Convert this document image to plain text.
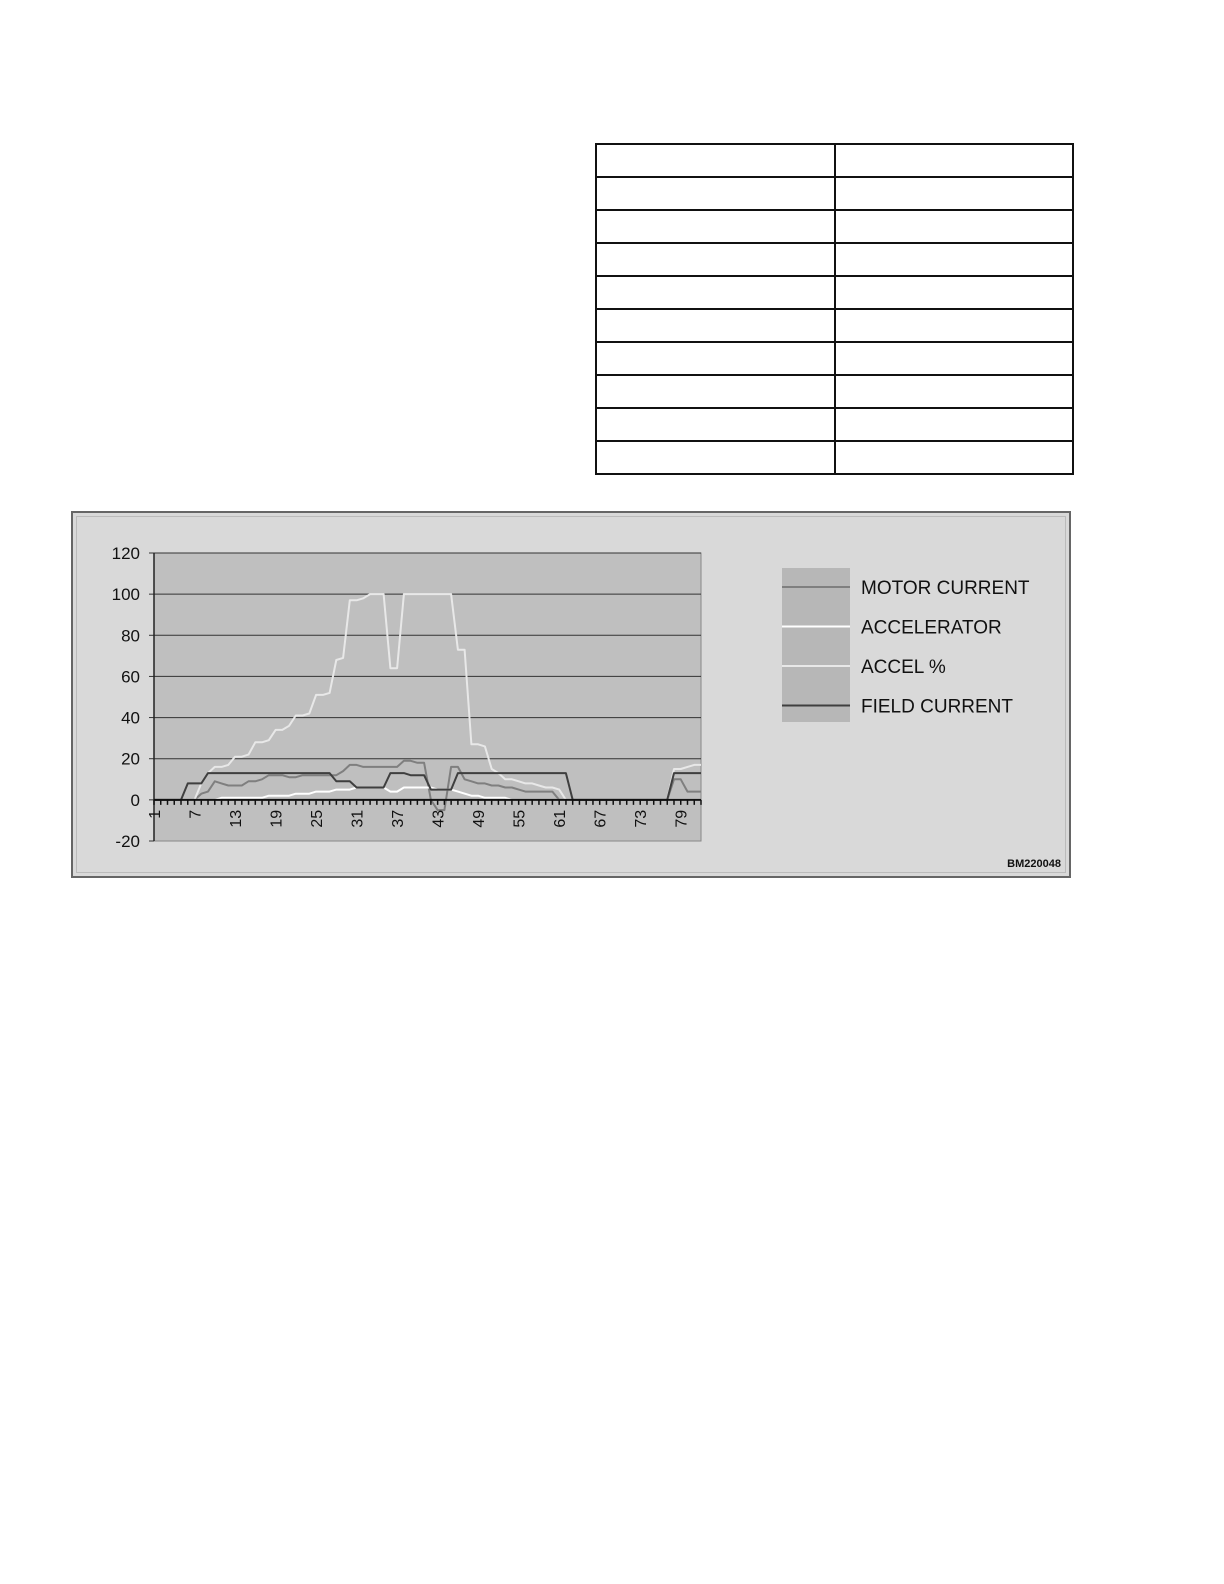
120
100
80
60
40
20
0
-20
1 7 13 19 25 31 37 43 49 55 61 67 73 79
MOTOR CURRENT
ACCELERATOR
ACCEL %
FIELD CURRENT
BM220048
